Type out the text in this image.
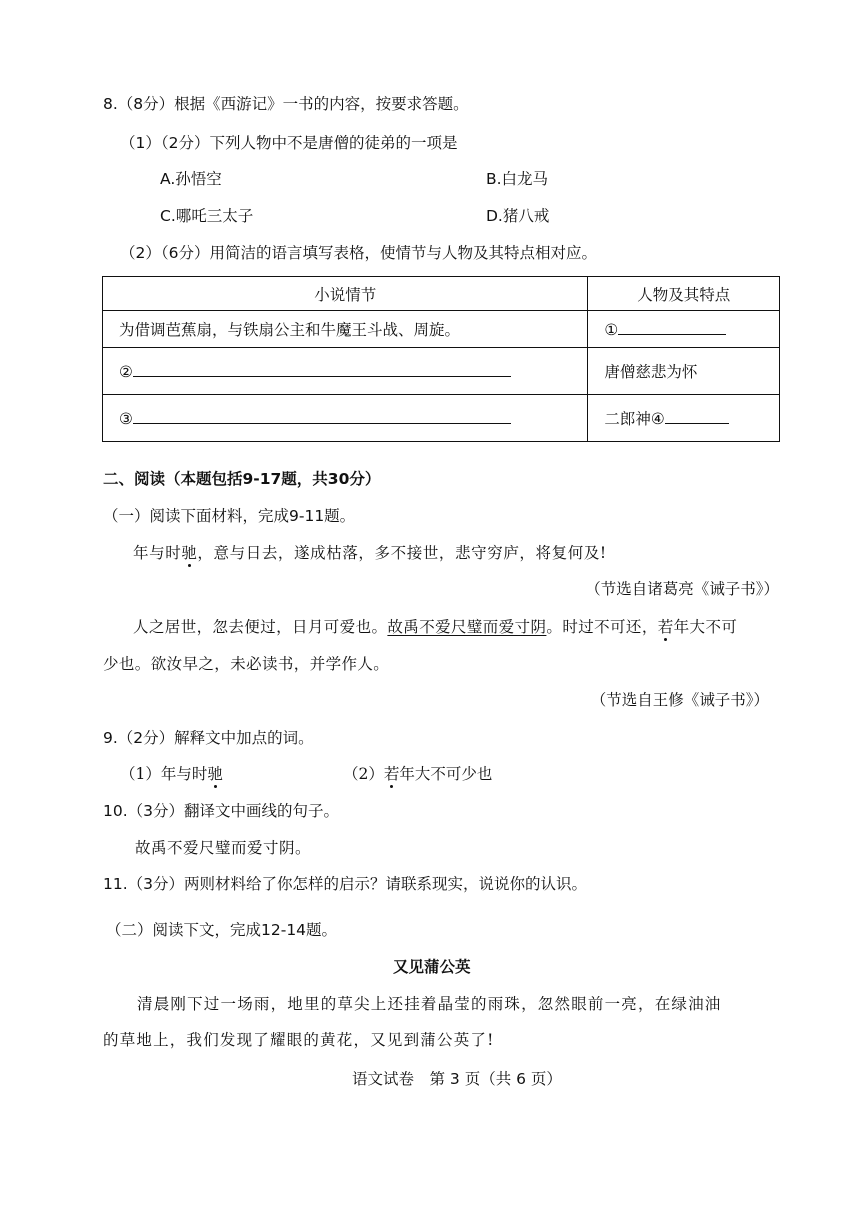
8.（8分）根据《西游记》一书的内容，按要求答题。
（1）（2分）下列人物中不是唐僧的徒弟的一项是
A.孙悟空	B.白龙马
C.哪吒三太子	D.猪八戒
（2）（6分）用简洁的语言填写表格，使情节与人物及其特点相对应。
小说情节	人物及其特点
为借调芭蕉扇，与铁扇公主和牛魔王斗战、周旋。	①
②	唐僧慈悲为怀
③	二郎神④
二、阅读（本题包括9-17题，共30分）
（一）阅读下面材料，完成9-11题。
年与时驰，意与日去，遂成枯落，多不接世，悲守穷庐，将复何及!
（节选自诸葛亮《诫子书》）
人之居世，忽去便过，日月可爱也。故禹不爱尺璧而爱寸阴。时过不可还，若年大不可
少也。欲汝早之，未必读书，并学作人。
（节选自王修《诫子书》）
9.（2分）解释文中加点的词。
（1）年与时驰	（2）若年大不可少也
10.（3分）翻译文中画线的句子。
故禹不爱尺璧而爱寸阴。
11.（3分）两则材料给了你怎样的启示？请联系现实，说说你的认识。
（二）阅读下文，完成12-14题。
又见蒲公英
清晨刚下过一场雨，地里的草尖上还挂着晶莹的雨珠，忽然眼前一亮，在绿油油
的草地上，我们发现了耀眼的黄花，又见到蒲公英了!
语文试卷　第 3 页（共 6 页）
